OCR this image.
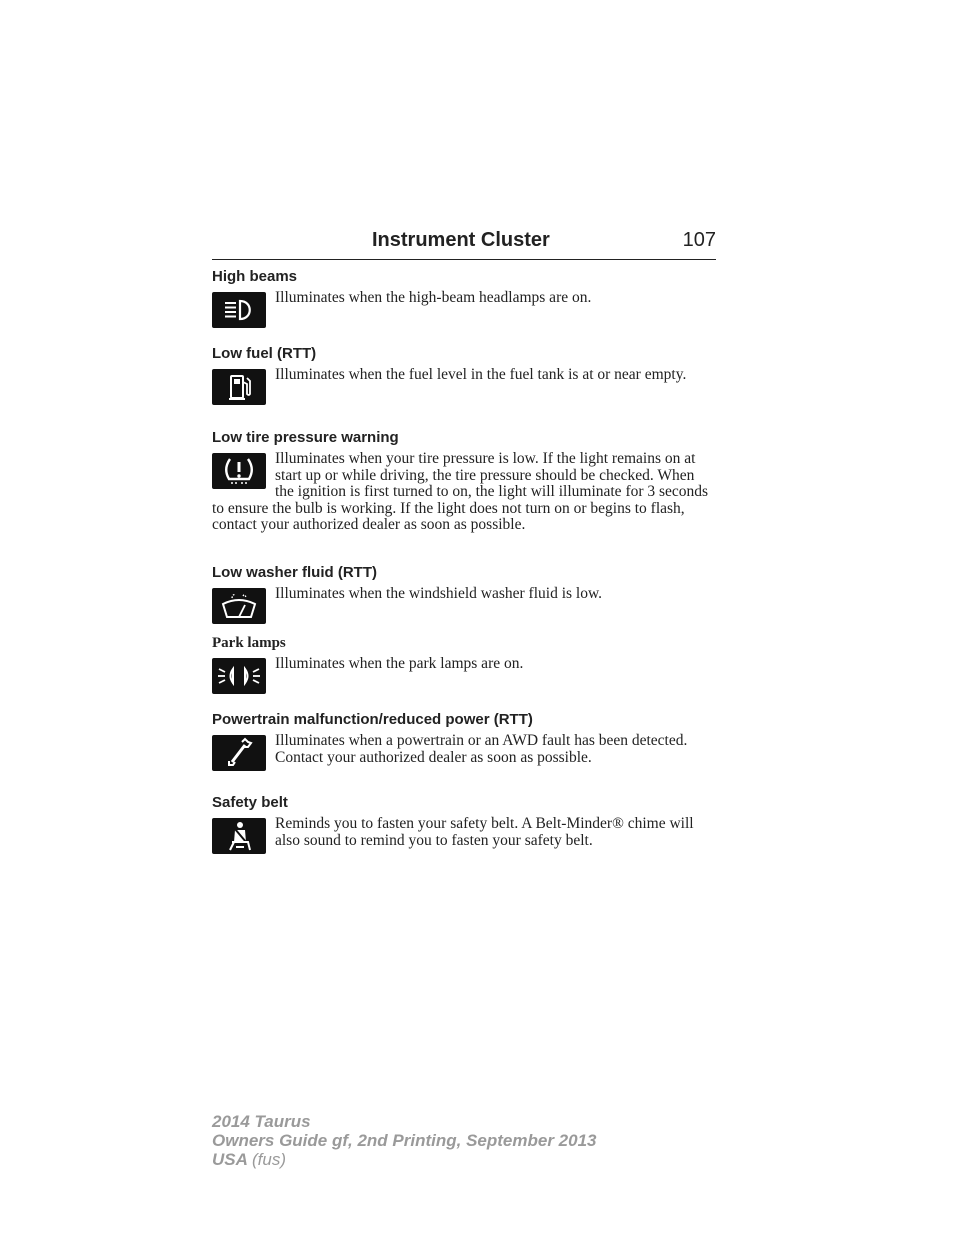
Instrument Cluster	107
High beams

Illuminates when the high-beam headlamps are on.

Low fuel (RTT)

Illuminates when the fuel level in the fuel tank is at or near empty.

Low tire pressure warning

Illuminates when your tire pressure is low. If the light remains on at start up or while driving, the tire pressure should be checked. When the ignition is first turned to on, the light will illuminate for 3 seconds to ensure the bulb is working. If the light does not turn on or begins to flash, contact your authorized dealer as soon as possible.

Low washer fluid (RTT)

Illuminates when the windshield washer fluid is low.

Park lamps

Illuminates when the park lamps are on.

Powertrain malfunction/reduced power (RTT)

Illuminates when a powertrain or an AWD fault has been detected. Contact your authorized dealer as soon as possible.

Safety belt

Reminds you to fasten your safety belt. A Belt-Minder® chime will also sound to remind you to fasten your safety belt.

2014 Taurus
Owners Guide gf, 2nd Printing, September 2013
USA (fus)
